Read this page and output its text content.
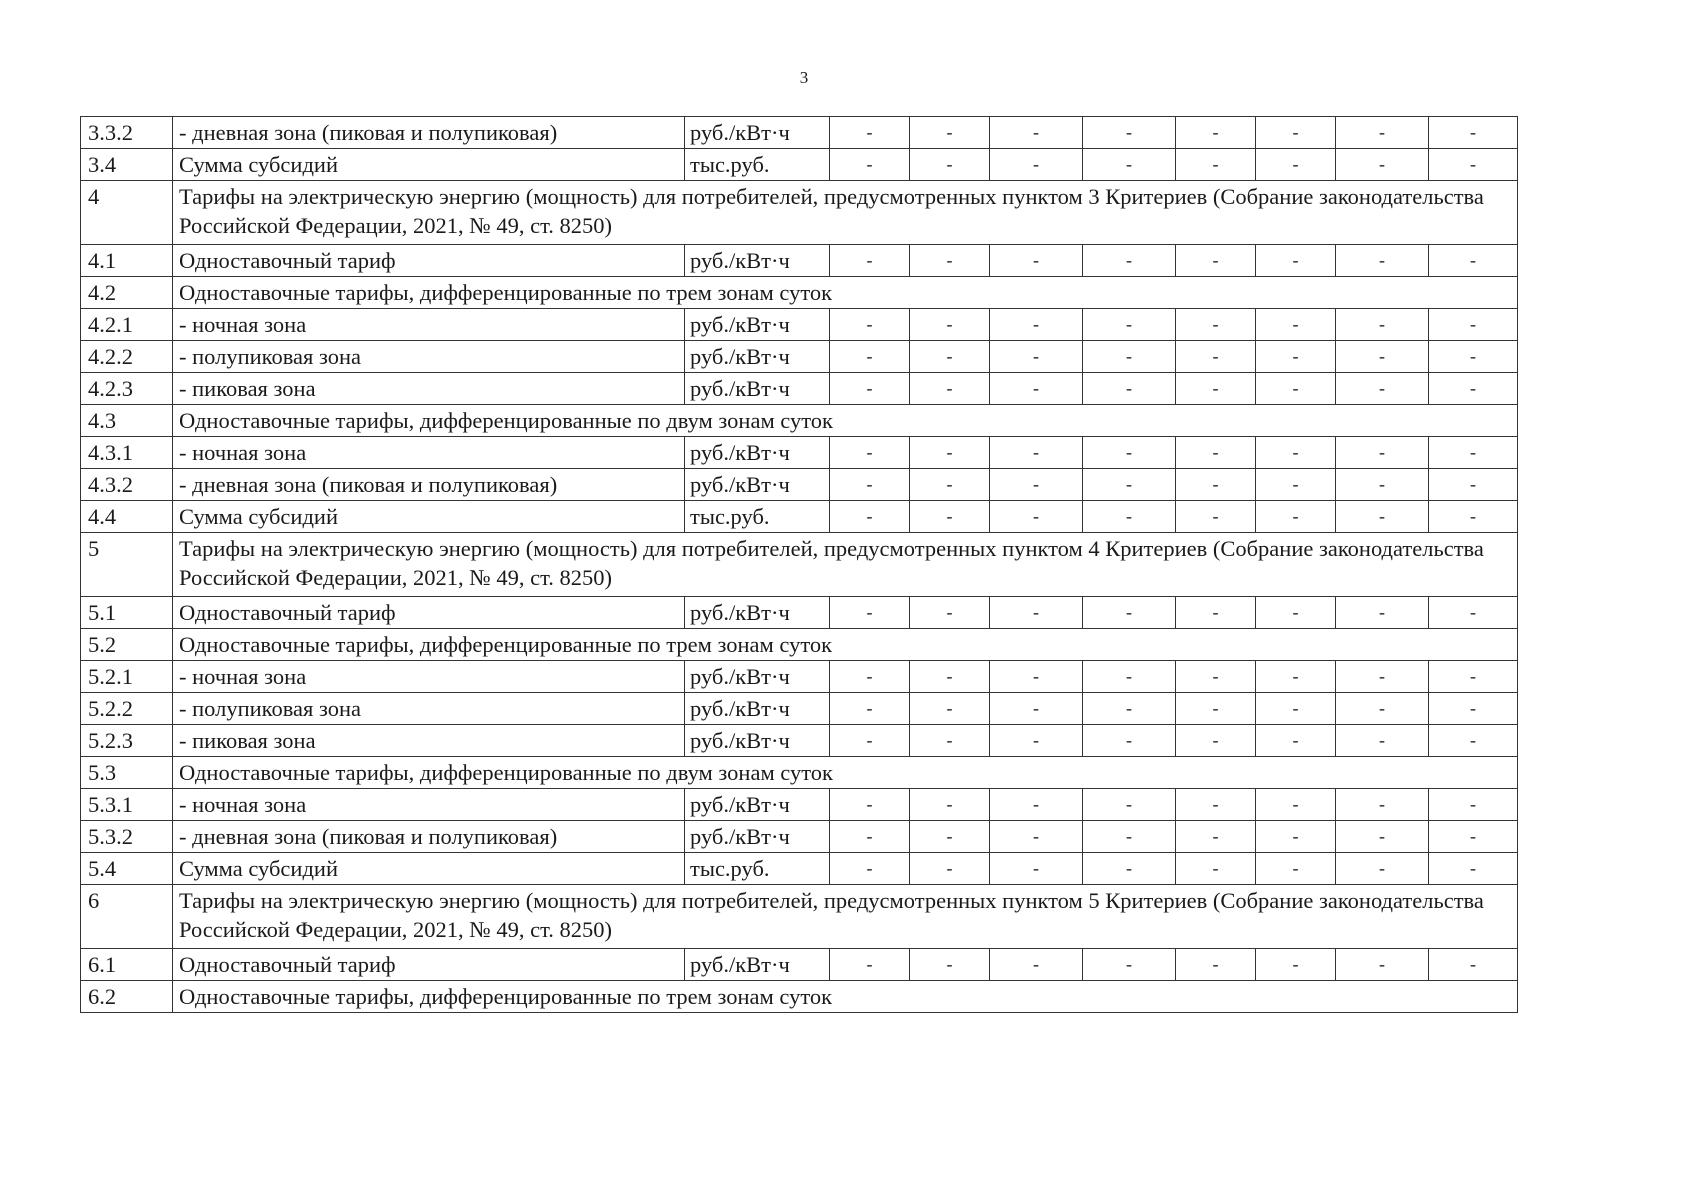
3
3.3.2	- дневная зона (пиковая и полупиковая)	руб./кВт·ч	-	-	-	-	-	-	-	-
3.4	Сумма субсидий	тыс.руб.	-	-	-	-	-	-	-	-
4	Тарифы на электрическую энергию (мощность) для потребителей, предусмотренных пунктом 3 Критериев (Собрание законодательства Российской Федерации, 2021, № 49, ст. 8250)									
4.1	Одноставочный тариф	руб./кВт·ч	-	-	-	-	-	-	-	-
4.2	Одноставочные тарифы, дифференцированные по трем зонам суток									
4.2.1	- ночная зона	руб./кВт·ч	-	-	-	-	-	-	-	-
4.2.2	- полупиковая зона	руб./кВт·ч	-	-	-	-	-	-	-	-
4.2.3	- пиковая зона	руб./кВт·ч	-	-	-	-	-	-	-	-
4.3	Одноставочные тарифы, дифференцированные по двум зонам суток									
4.3.1	- ночная зона	руб./кВт·ч	-	-	-	-	-	-	-	-
4.3.2	- дневная зона (пиковая и полупиковая)	руб./кВт·ч	-	-	-	-	-	-	-	-
4.4	Сумма субсидий	тыс.руб.	-	-	-	-	-	-	-	-
5	Тарифы на электрическую энергию (мощность) для потребителей, предусмотренных пунктом 4 Критериев (Собрание законодательства Российской Федерации, 2021, № 49, ст. 8250)									
5.1	Одноставочный тариф	руб./кВт·ч	-	-	-	-	-	-	-	-
5.2	Одноставочные тарифы, дифференцированные по трем зонам суток									
5.2.1	- ночная зона	руб./кВт·ч	-	-	-	-	-	-	-	-
5.2.2	- полупиковая зона	руб./кВт·ч	-	-	-	-	-	-	-	-
5.2.3	- пиковая зона	руб./кВт·ч	-	-	-	-	-	-	-	-
5.3	Одноставочные тарифы, дифференцированные по двум зонам суток									
5.3.1	- ночная зона	руб./кВт·ч	-	-	-	-	-	-	-	-
5.3.2	- дневная зона (пиковая и полупиковая)	руб./кВт·ч	-	-	-	-	-	-	-	-
5.4	Сумма субсидий	тыс.руб.	-	-	-	-	-	-	-	-
6	Тарифы на электрическую энергию (мощность) для потребителей, предусмотренных пунктом 5 Критериев (Собрание законодательства Российской Федерации, 2021, № 49, ст. 8250)									
6.1	Одноставочный тариф	руб./кВт·ч	-	-	-	-	-	-	-	-
6.2	Одноставочные тарифы, дифференцированные по трем зонам суток									
